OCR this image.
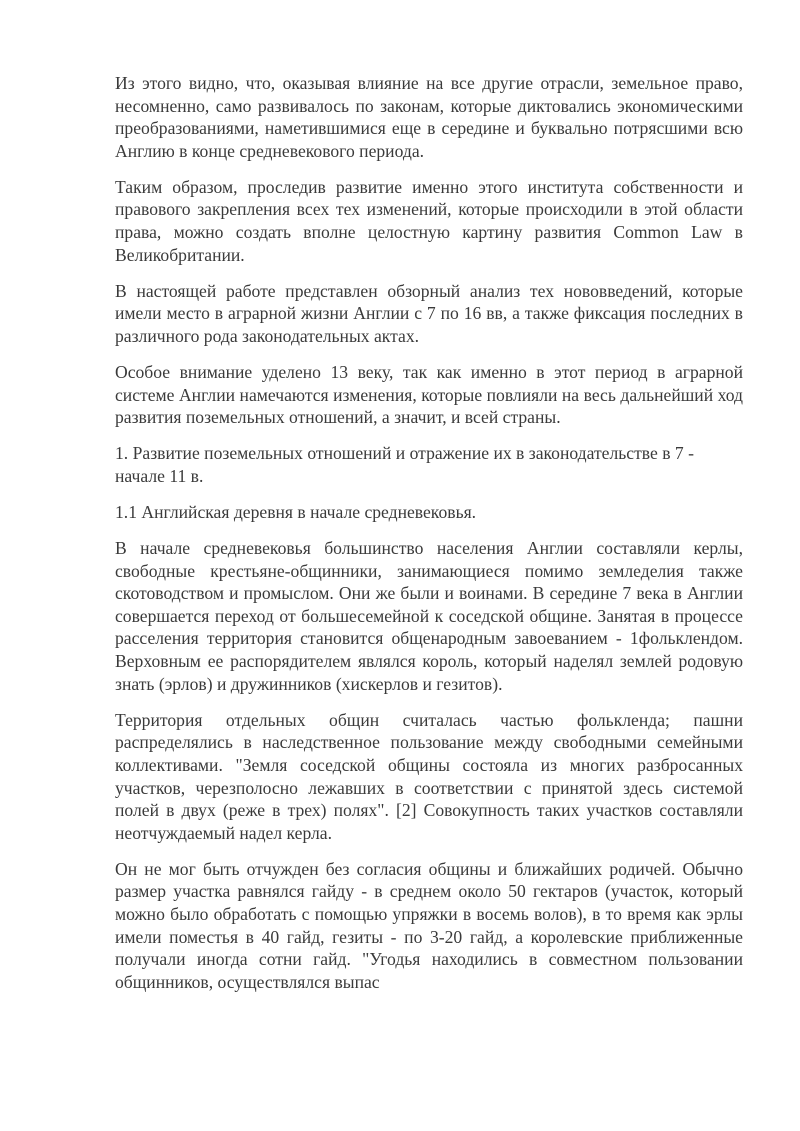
Из этого видно, что, оказывая влияние на все другие отрасли, земельное право, несомненно, само развивалось по законам, которые диктовались экономическими преобразованиями, наметившимися еще в середине и буквально потрясшими всю Англию в конце средневекового периода.

Таким образом, проследив развитие именно этого института собственности и правового закрепления всех тех изменений, которые происходили в этой области права, можно создать вполне целостную картину развития Common Law в Великобритании.

В настоящей работе представлен обзорный анализ тех нововведений, которые имели место в аграрной жизни Англии с 7 по 16 вв, а также фиксация последних в различного рода законодательных актах.

Особое внимание уделено 13 веку, так как именно в этот период в аграрной системе Англии намечаются изменения, которые повлияли на весь дальнейший ход развития поземельных отношений, а значит, и всей страны.

1. Развитие поземельных отношений и отражение их в законодательстве в 7 - начале 11 в.

1.1 Английская деревня в начале средневековья.

В начале средневековья большинство населения Англии составляли керлы, свободные крестьяне-общинники, занимающиеся помимо земледелия также скотоводством и промыслом. Они же были и воинами. В середине 7 века в Англии совершается переход от большесемейной к соседской общине. Занятая в процессе расселения территория становится общенародным завоеванием - 1фольклендом. Верховным ее распорядителем являлся король, который наделял землей родовую знать (эрлов) и дружинников (хискерлов и гезитов).

Территория отдельных общин считалась частью фольклендa; пашни распределялись в наследственное пользование между свободными семейными коллективами. "Земля соседской общины состояла из многих разбросанных участков, черезполосно лежавших в соответствии с принятой здесь системой полей в двух (реже в трех) полях". [2] Совокупность таких участков составляли неотчуждаемый надел керла.

Он не мог быть отчужден без согласия общины и ближайших родичей. Обычно размер участка равнялся гайду - в среднем около 50 гектаров (участок, который можно было обработать с помощью упряжки в восемь волов), в то время как эрлы имели поместья в 40 гайд, гезиты - по 3-20 гайд, а королевские приближенные получали иногда сотни гайд. "Угодья находились в совместном пользовании общинников, осуществлялся выпас
